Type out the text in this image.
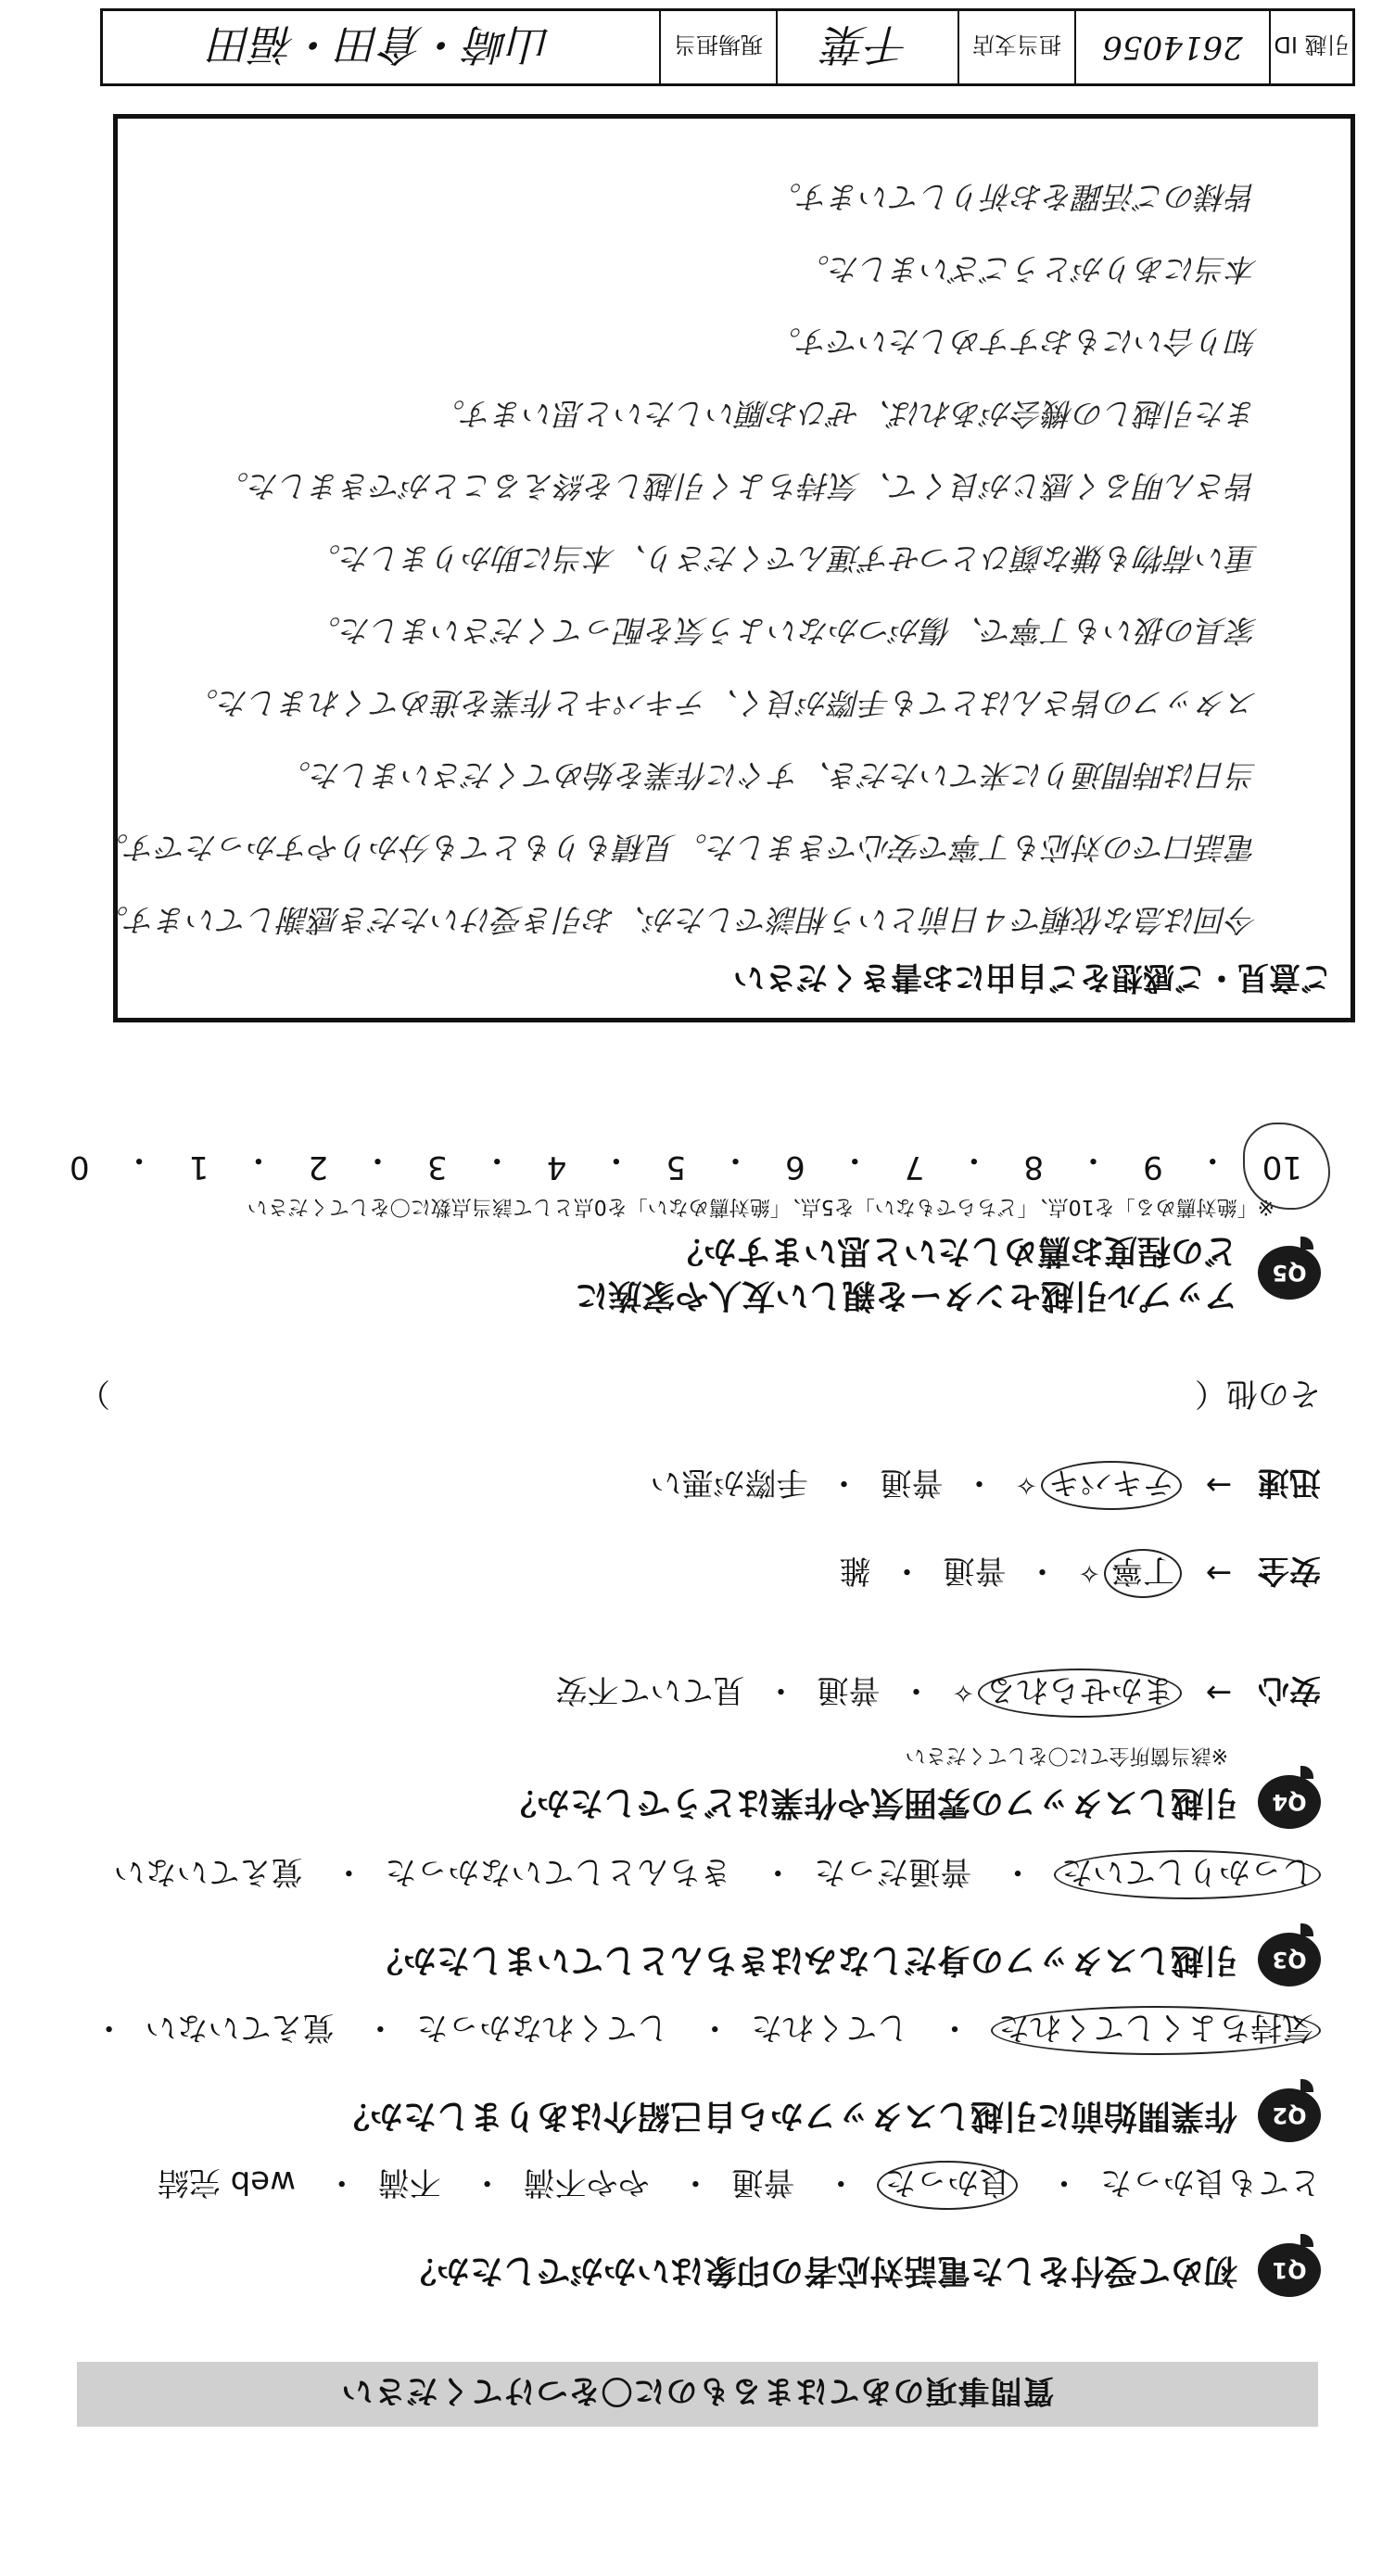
質問事項のあてはまるものに〇をつけてください
Q1
初めて受付をした電話対応者の印象はいかがでしたか？
とても良かった・ 良かった・ 普通・ やや不満・ 不満・ web 完結
Q2
作業開始前に引越しスタッフから自己紹介はありましたか？
気持ちよくしてくれた・ してくれた・ してくれなかった・ 覚えていない・
Q3
引越しスタッフの身だしなみはきちんとしていましたか？
しっかりしていた・ 普通だった・ きちんとしていなかった・ 覚えていない
Q4
引越しスタッフの雰囲気や作業はどうでしたか？
※該当箇所全てに〇をしてください
安心
→
まかせられる
✧
・
普通
・
見ていて不安
安全
→
丁寧
✧
・
普通
・
雑
迅速
→
テキパキ
✧
・
普通
・
手際が悪い
その他（
）
Q5
アップル引越センターを親しい友人や家族に
どの程度お薦めしたいと思いますか？
※「絶対薦める」を10点、「どちらでもない」を5点、「絶対薦めない」を0点として該当点数に〇をしてください
10
・
9
・
8
・
7
・
6
・
5
・
4
・
3
・
2
・
1
・
0
ご意見・ご感想をご自由にお書きください
今回は急な依頼で４日前という相談でしたが、お引き受けいただき感謝しています。
電話口での対応も丁寧で安心できました。見積もりもとても分かりやすかったです。
当日は時間通りに来ていただき、すぐに作業を始めてくださいました。
スタッフの皆さんはとても手際が良く、テキパキと作業を進めてくれました。
家具の扱いも丁寧で、傷がつかないよう気を配ってくださいました。
重い荷物も嫌な顔ひとつせず運んでくださり、本当に助かりました。
皆さん明るく感じが良くて、気持ちよく引越しを終えることができました。
また引越しの機会があれば、ぜひお願いしたいと思います。
知り合いにもおすすめしたいです。
本当にありがとうございました。
皆様のご活躍をお祈りしています。
引越 ID
2614056
担当支店
千葉
現場担当
山崎・倉田・福田
